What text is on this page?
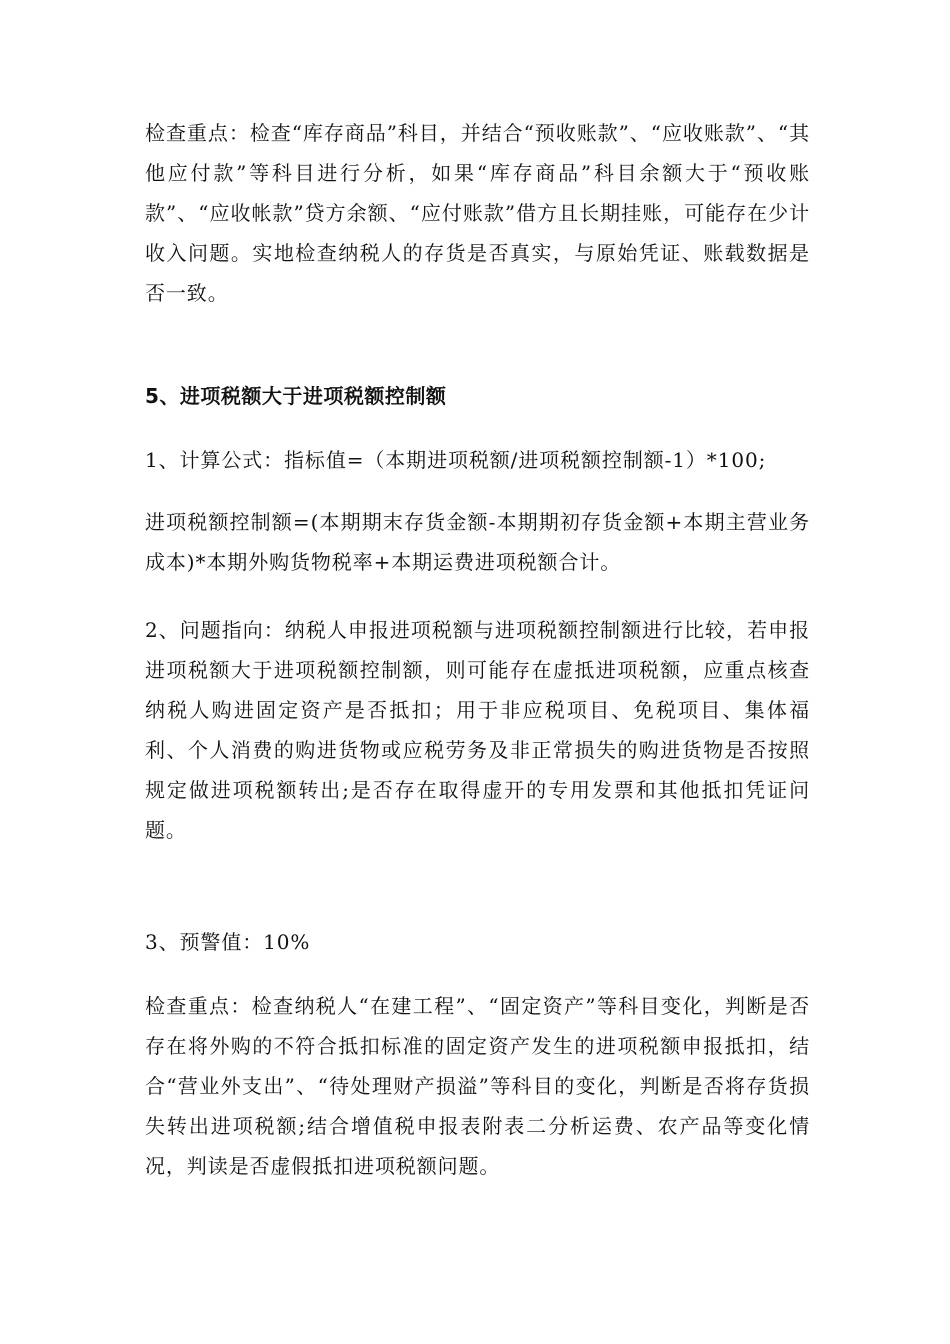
检查重点：检查“库存商品”科目，并结合“预收账款”、“应收账款”、“其他应付款”等科目进行分析，如果“库存商品”科目余额大于“预收账款”、“应收帐款”贷方余额、“应付账款”借方且长期挂账，可能存在少计收入问题。实地检查纳税人的存货是否真实，与原始凭证、账载数据是否一致。

5、进项税额大于进项税额控制额

1、计算公式：指标值=（本期进项税额/进项税额控制额-1）*100;

进项税额控制额=(本期期末存货金额-本期期初存货金额+本期主营业务成本)*本期外购货物税率+本期运费进项税额合计。

2、问题指向：纳税人申报进项税额与进项税额控制额进行比较，若申报进项税额大于进项税额控制额，则可能存在虚抵进项税额，应重点核查纳税人购进固定资产是否抵扣；用于非应税项目、免税项目、集体福利、个人消费的购进货物或应税劳务及非正常损失的购进货物是否按照规定做进项税额转出;是否存在取得虚开的专用发票和其他抵扣凭证问题。

3、预警值：10%

检查重点：检查纳税人“在建工程”、“固定资产”等科目变化，判断是否存在将外购的不符合抵扣标准的固定资产发生的进项税额申报抵扣，结合“营业外支出”、“待处理财产损溢”等科目的变化，判断是否将存货损失转出进项税额;结合增值税申报表附表二分析运费、农产品等变化情况，判读是否虚假抵扣进项税额问题。
